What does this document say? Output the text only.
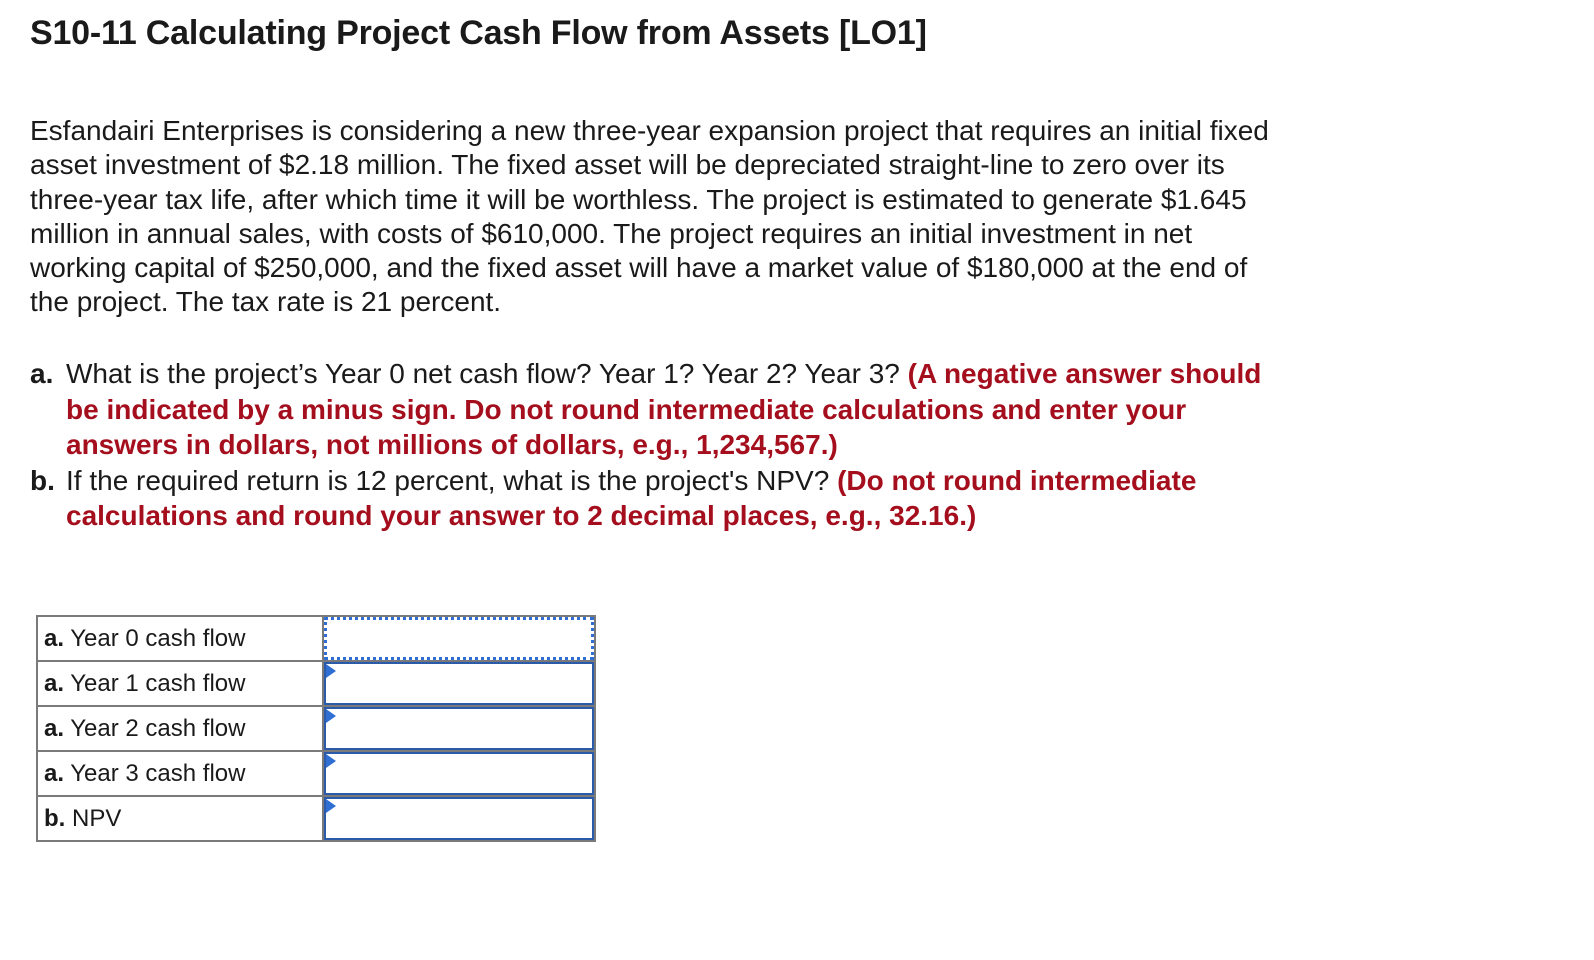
S10-11 Calculating Project Cash Flow from Assets [LO1]

Esfandairi Enterprises is considering a new three-year expansion project that requires an initial fixed asset investment of $2.18 million. The fixed asset will be depreciated straight-line to zero over its three-year tax life, after which time it will be worthless. The project is estimated to generate $1.645 million in annual sales, with costs of $610,000. The project requires an initial investment in net working capital of $250,000, and the fixed asset will have a market value of $180,000 at the end of the project. The tax rate is 21 percent.

a. What is the project’s Year 0 net cash flow? Year 1? Year 2? Year 3? (A negative answer should be indicated by a minus sign. Do not round intermediate calculations and enter your answers in dollars, not millions of dollars, e.g., 1,234,567.)
b. If the required return is 12 percent, what is the project's NPV? (Do not round intermediate calculations and round your answer to 2 decimal places, e.g., 32.16.)
a. Year 0 cash flow	

a. Year 1 cash flow	

a. Year 2 cash flow	

a. Year 3 cash flow	

b. NPV	
